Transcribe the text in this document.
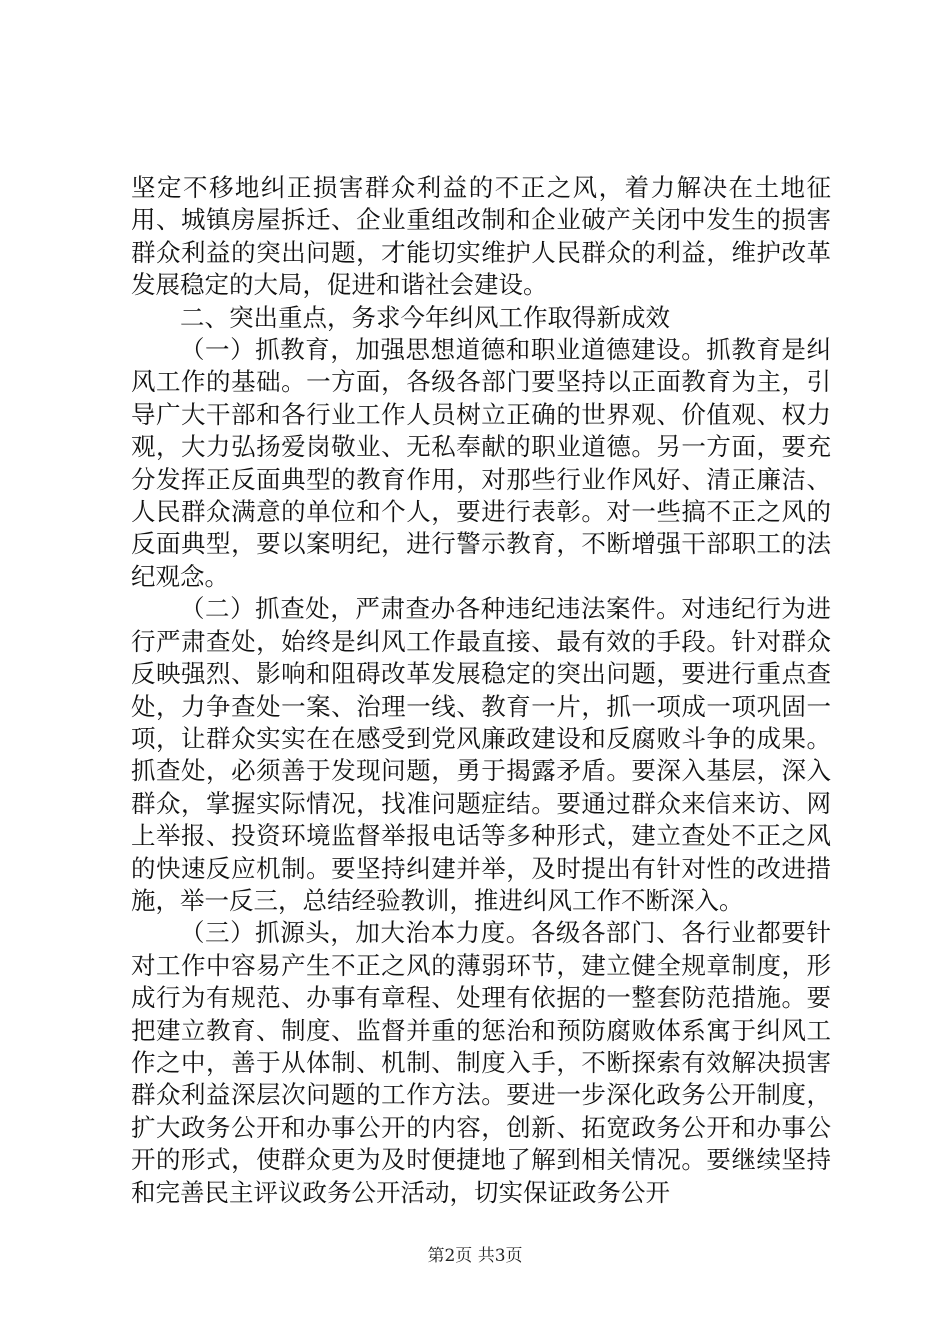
坚定不移地纠正损害群众利益的不正之风，着力解决在土地征用、城镇房屋拆迁、企业重组改制和企业破产关闭中发生的损害群众利益的突出问题，才能切实维护人民群众的利益，维护改革发展稳定的大局，促进和谐社会建设。

二、突出重点，务求今年纠风工作取得新成效

（一）抓教育，加强思想道德和职业道德建设。抓教育是纠风工作的基础。一方面，各级各部门要坚持以正面教育为主，引导广大干部和各行业工作人员树立正确的世界观、价值观、权力观，大力弘扬爱岗敬业、无私奉献的职业道德。另一方面，要充分发挥正反面典型的教育作用，对那些行业作风好、清正廉洁、人民群众满意的单位和个人，要进行表彰。对一些搞不正之风的反面典型，要以案明纪，进行警示教育，不断增强干部职工的法纪观念。

（二）抓查处，严肃查办各种违纪违法案件。对违纪行为进行严肃查处，始终是纠风工作最直接、最有效的手段。针对群众反映强烈、影响和阻碍改革发展稳定的突出问题，要进行重点查处，力争查处一案、治理一线、教育一片，抓一项成一项巩固一项，让群众实实在在感受到党风廉政建设和反腐败斗争的成果。抓查处，必须善于发现问题，勇于揭露矛盾。要深入基层，深入群众，掌握实际情况，找准问题症结。要通过群众来信来访、网上举报、投资环境监督举报电话等多种形式，建立查处不正之风的快速反应机制。要坚持纠建并举，及时提出有针对性的改进措施，举一反三，总结经验教训，推进纠风工作不断深入。

（三）抓源头，加大治本力度。各级各部门、各行业都要针对工作中容易产生不正之风的薄弱环节，建立健全规章制度，形成行为有规范、办事有章程、处理有依据的一整套防范措施。要把建立教育、制度、监督并重的惩治和预防腐败体系寓于纠风工作之中，善于从体制、机制、制度入手，不断探索有效解决损害群众利益深层次问题的工作方法。要进一步深化政务公开制度，扩大政务公开和办事公开的内容，创新、拓宽政务公开和办事公开的形式，使群众更为及时便捷地了解到相关情况。要继续坚持和完善民主评议政务公开活动，切实保证政务公开

第2页 共3页
